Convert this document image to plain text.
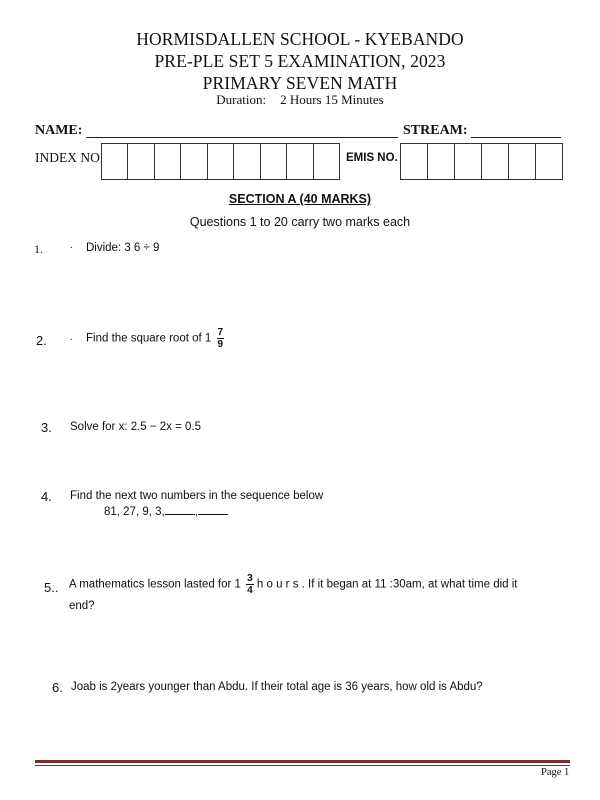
HORMISDALLEN SCHOOL - KYEBANDO
PRE-PLE SET 5 EXAMINATION, 2023
PRIMARY SEVEN MATH
Duration: 2 Hours 15 Minutes
NAME:	STREAM:
INDEX NO	EMIS NO.
SECTION A (40 MARKS)
Questions 1 to 20 carry two marks each
1.	. Divide: 3 6 ÷ 9
2. . Find the square root of $1 \frac{7}{9}$
3. Solve for x: 2.5 − 2x = 0.5
4. Find the next two numbers in the sequence below
81, 27, 9, 3,	,
5.. A mathematics lesson lasted for $1 \frac{3}{4}$ h o u r s . If it began at 11 :30am, at what time did it
end?
6. Joab is 2years younger than Abdu. If their total age is 36 years, how old is Abdu?
Page 1
